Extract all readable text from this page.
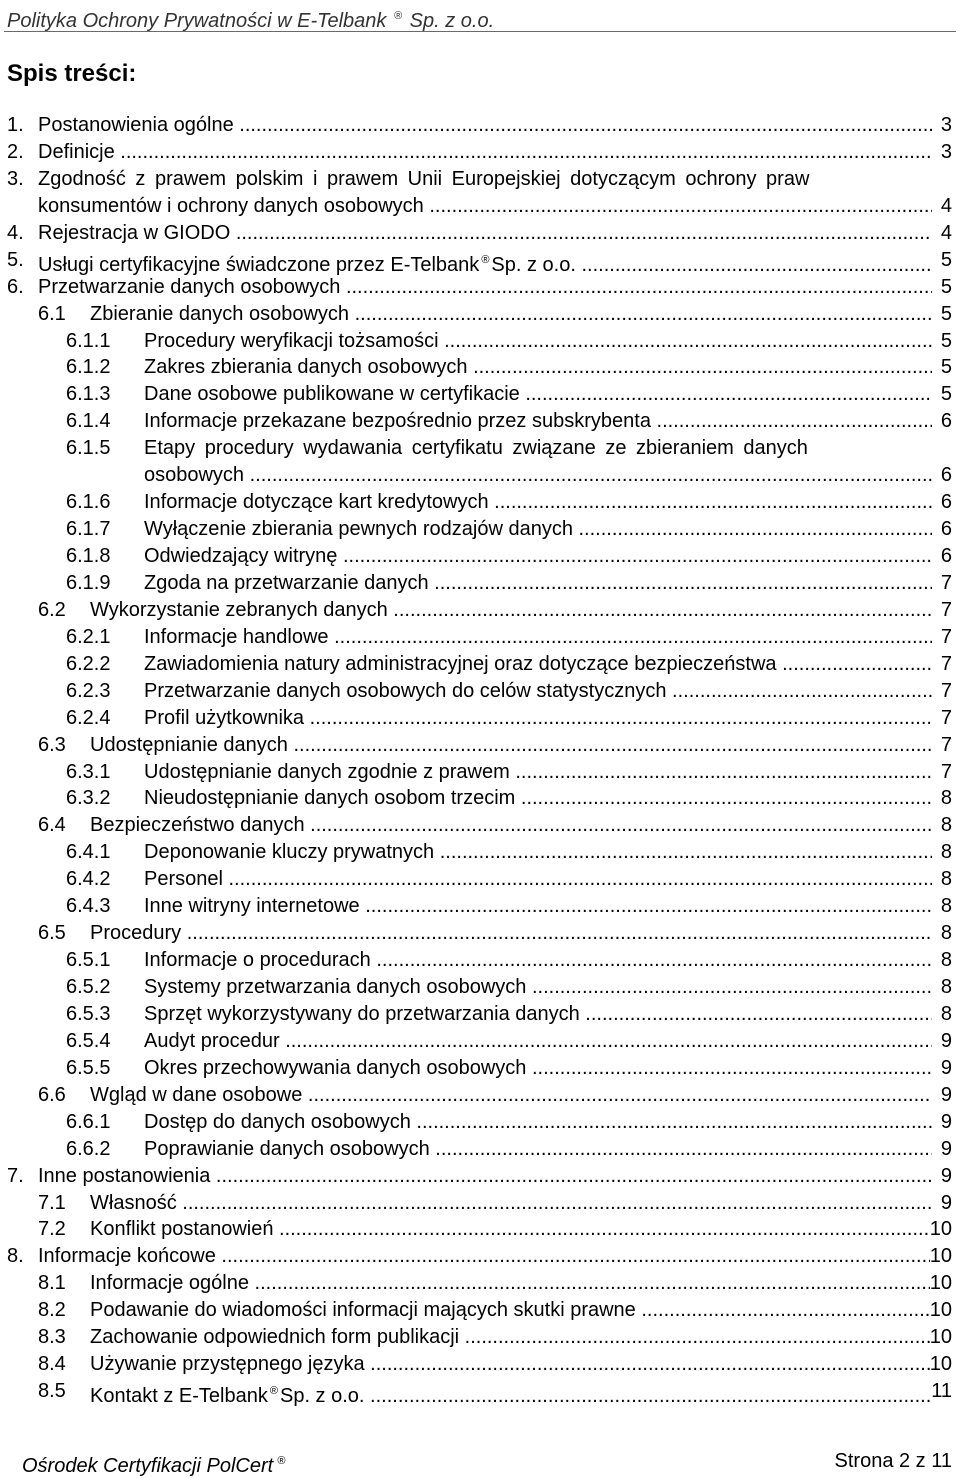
Polityka Ochrony Prywatności w E-Telbank ® Sp. z o.o.
Spis treści:
1. Postanowienia ogólne .....	3
2. Definicje .....	3
3. Zgodność z prawem polskim i prawem Unii Europejskiej dotyczącym ochrony praw
konsumentów i ochrony danych osobowych .....	4
4. Rejestracja w GIODO .....	4
5. Usługi certyfikacyjne świadczone przez E-Telbank ® Sp. z o.o. .....	5
6. Przetwarzanie danych osobowych .....	5
6.1 Zbieranie danych osobowych .....	5
6.1.1 Procedury weryfikacji tożsamości .....	5
6.1.2 Zakres zbierania danych osobowych .....	5
6.1.3 Dane osobowe publikowane w certyfikacie .....	5
6.1.4 Informacje przekazane bezpośrednio przez subskrybenta .....	6
6.1.5 Etapy procedury wydawania certyfikatu związane ze zbieraniem danych
osobowych .....	6
6.1.6 Informacje dotyczące kart kredytowych .....	6
6.1.7 Wyłączenie zbierania pewnych rodzajów danych .....	6
6.1.8 Odwiedzający witrynę .....	6
6.1.9 Zgoda na przetwarzanie danych .....	7
6.2 Wykorzystanie zebranych danych .....	7
6.2.1 Informacje handlowe .....	7
6.2.2 Zawiadomienia natury administracyjnej oraz dotyczące bezpieczeństwa .....	7
6.2.3 Przetwarzanie danych osobowych do celów statystycznych .....	7
6.2.4 Profil użytkownika .....	7
6.3 Udostępnianie danych .....	7
6.3.1 Udostępnianie danych zgodnie z prawem .....	7
6.3.2 Nieudostępnianie danych osobom trzecim .....	8
6.4 Bezpieczeństwo danych .....	8
6.4.1 Deponowanie kluczy prywatnych .....	8
6.4.2 Personel .....	8
6.4.3 Inne witryny internetowe .....	8
6.5 Procedury .....	8
6.5.1 Informacje o procedurach .....	8
6.5.2 Systemy przetwarzania danych osobowych .....	8
6.5.3 Sprzęt wykorzystywany do przetwarzania danych .....	8
6.5.4 Audyt procedur .....	9
6.5.5 Okres przechowywania danych osobowych .....	9
6.6 Wgląd w dane osobowe .....	9
6.6.1 Dostęp do danych osobowych .....	9
6.6.2 Poprawianie danych osobowych .....	9
7. Inne postanowienia .....	9
7.1 Własność .....	9
7.2 Konflikt postanowień .....	10
8. Informacje końcowe .....	10
8.1 Informacje ogólne .....	10
8.2 Podawanie do wiadomości informacji mających skutki prawne .....	10
8.3 Zachowanie odpowiednich form publikacji .....	10
8.4 Używanie przystępnego języka .....	10
8.5 Kontakt z E-Telbank ® Sp. z o.o. .....	11
Ośrodek Certyfikacji PolCert ®	Strona 2 z 11
